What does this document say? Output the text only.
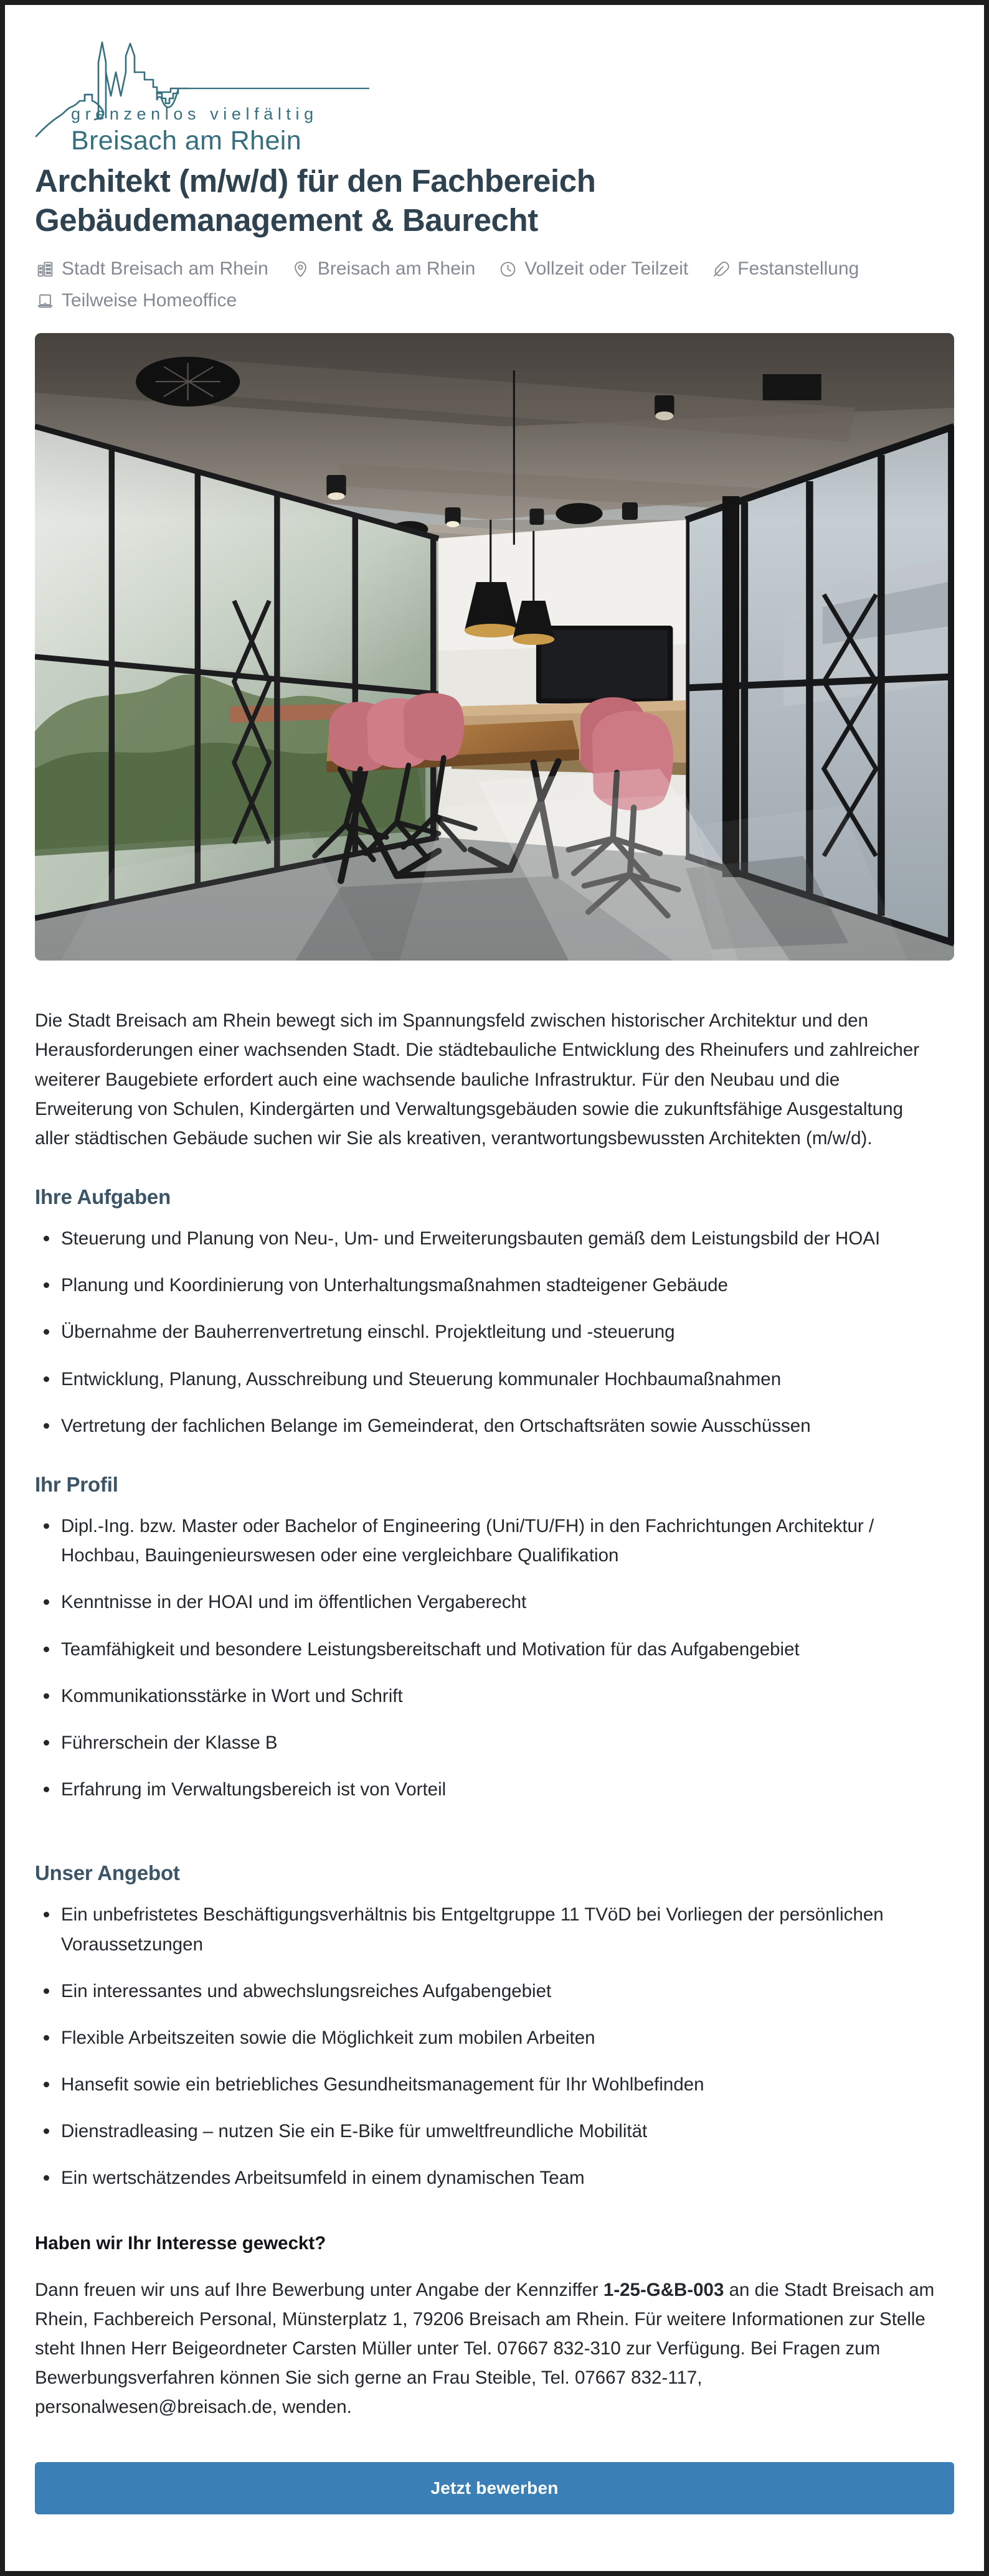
grenzenlos vielfältig
Breisach am Rhein
Architekt (m/w/d) für den Fachbereich Gebäudemanagement & Baurecht
Stadt Breisach am Rhein	Breisach am Rhein	Vollzeit oder Teilzeit	Festanstellung
Teilweise Homeoffice

Die Stadt Breisach am Rhein bewegt sich im Spannungsfeld zwischen historischer Architektur und den Herausforderungen einer wachsenden Stadt. Die städtebauliche Entwicklung des Rheinufers und zahlreicher weiterer Baugebiete erfordert auch eine wachsende bauliche Infrastruktur. Für den Neubau und die Erweiterung von Schulen, Kindergärten und Verwaltungsgebäuden sowie die zukunftsfähige Ausgestaltung aller städtischen Gebäude suchen wir Sie als kreativen, verantwortungsbewussten Architekten (m/w/d).

Ihre Aufgaben
Steuerung und Planung von Neu-, Um- und Erweiterungsbauten gemäß dem Leistungsbild der HOAI
Planung und Koordinierung von Unterhaltungsmaßnahmen stadteigener Gebäude
Übernahme der Bauherrenvertretung einschl. Projektleitung und -steuerung
Entwicklung, Planung, Ausschreibung und Steuerung kommunaler Hochbaumaßnahmen
Vertretung der fachlichen Belange im Gemeinderat, den Ortschaftsräten sowie Ausschüssen
Ihr Profil
Dipl.-Ing. bzw. Master oder Bachelor of Engineering (Uni/TU/FH) in den Fachrichtungen Architektur / Hochbau, Bauingenieurswesen oder eine vergleichbare Qualifikation
Kenntnisse in der HOAI und im öffentlichen Vergaberecht
Teamfähigkeit und besondere Leistungsbereitschaft und Motivation für das Aufgabengebiet
Kommunikationsstärke in Wort und Schrift
Führerschein der Klasse B
Erfahrung im Verwaltungsbereich ist von Vorteil
Unser Angebot
Ein unbefristetes Beschäftigungsverhältnis bis Entgeltgruppe 11 TVöD bei Vorliegen der persönlichen Voraussetzungen
Ein interessantes und abwechslungsreiches Aufgabengebiet
Flexible Arbeitszeiten sowie die Möglichkeit zum mobilen Arbeiten
Hansefit sowie ein betriebliches Gesundheitsmanagement für Ihr Wohlbefinden
Dienstradleasing – nutzen Sie ein E-Bike für umweltfreundliche Mobilität
Ein wertschätzendes Arbeitsumfeld in einem dynamischen Team

Haben wir Ihr Interesse geweckt?

Dann freuen wir uns auf Ihre Bewerbung unter Angabe der Kennziffer 1-25-G&B-003 an die Stadt Breisach am Rhein, Fachbereich Personal, Münsterplatz 1, 79206 Breisach am Rhein. Für weitere Informationen zur Stelle steht Ihnen Herr Beigeordneter Carsten Müller unter Tel. 07667 832-310 zur Verfügung. Bei Fragen zum Bewerbungsverfahren können Sie sich gerne an Frau Steible, Tel. 07667 832-117, personalwesen@breisach.de, wenden.

Jetzt bewerben
